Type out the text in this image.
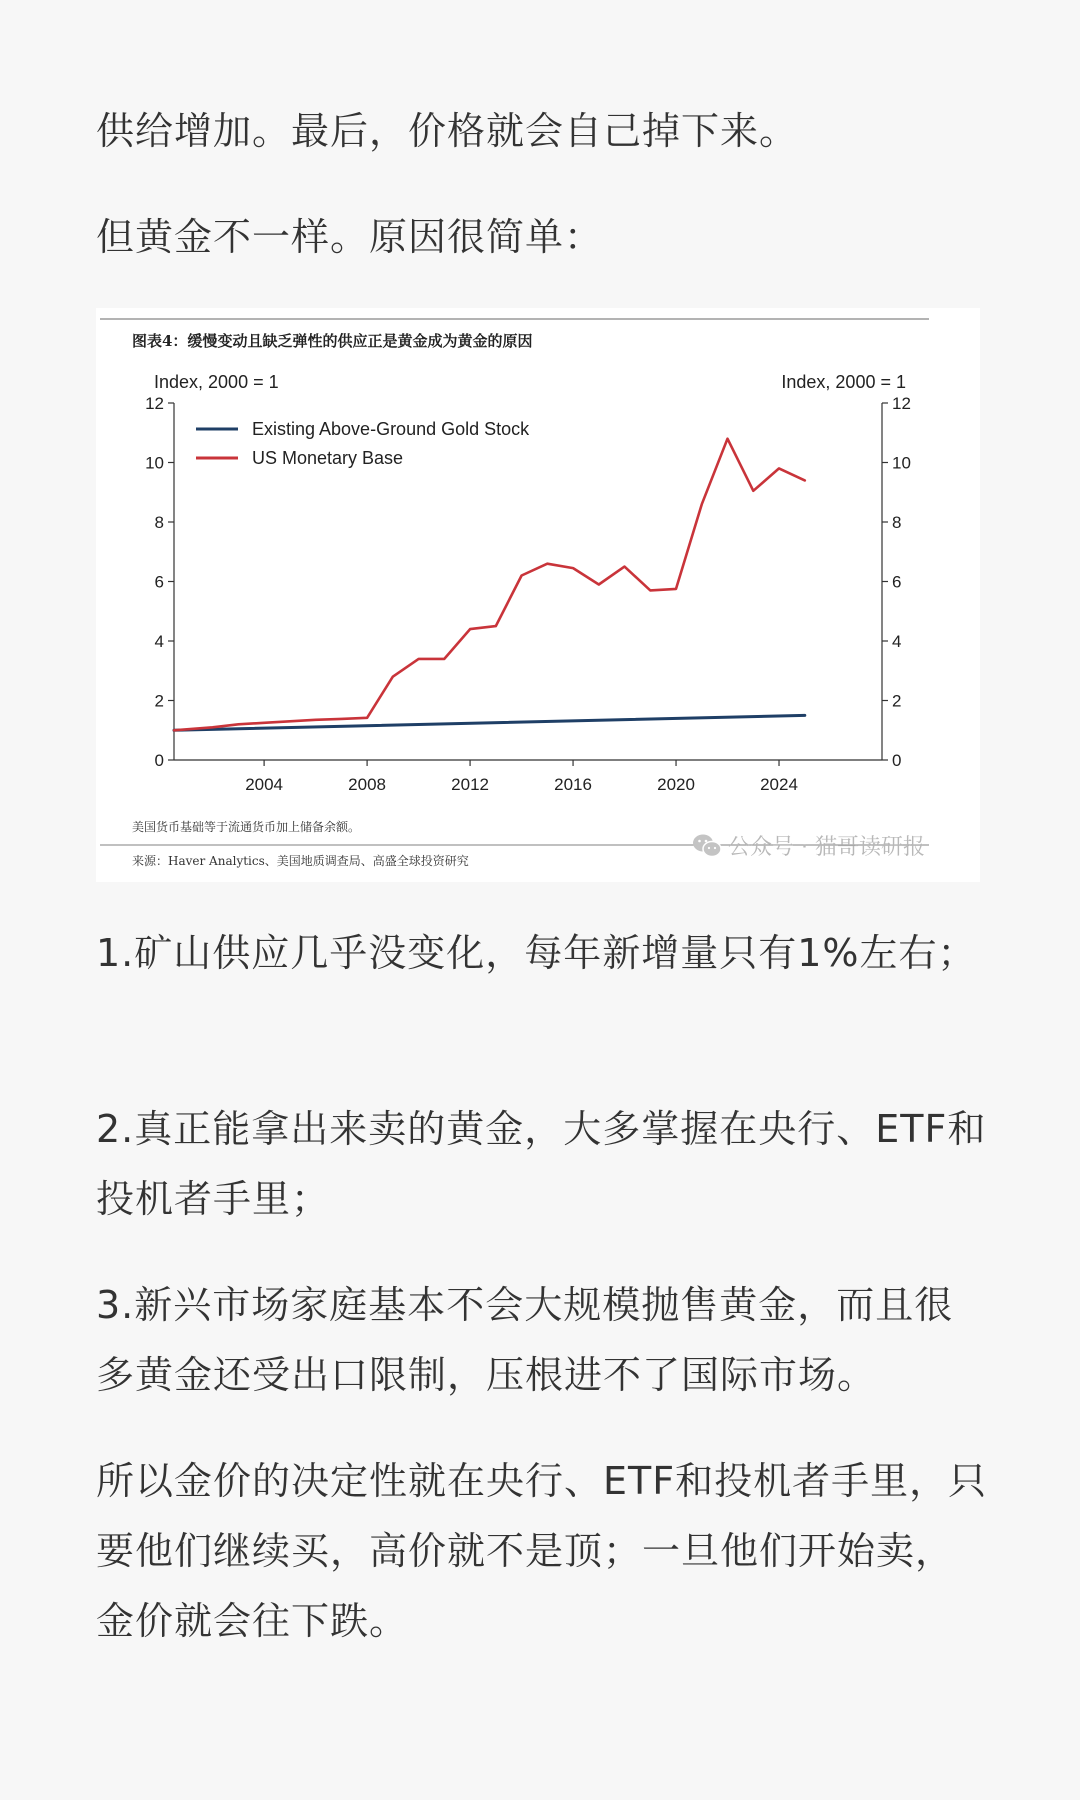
供给增加。最后，价格就会自己掉下来。

但黄金不一样。原因很简单：

图表4：缓慢变动且缺乏弹性的供应正是黄金成为黄金的原因
Index, 2000 = 1	Index, 2000 = 1
0	0
2	2
4	4
6	6
8	8
10	10
12	12
2004	2008	2012	2016	2020	2024
Existing Above-Ground Gold Stock
US Monetary Base
美国货币基础等于流通货币加上储备余额。
来源：Haver Analytics、美国地质调查局、高盛全球投资研究
公众号 · 猫哥读研报

1.矿山供应几乎没变化，每年新增量只有1%左右；

2.真正能拿出来卖的黄金，大多掌握在央行、ETF和投机者手里；

3.新兴市场家庭基本不会大规模抛售黄金，而且很多黄金还受出口限制，压根进不了国际市场。

所以金价的决定性就在央行、ETF和投机者手里，只要他们继续买，高价就不是顶；一旦他们开始卖，金价就会往下跌。
